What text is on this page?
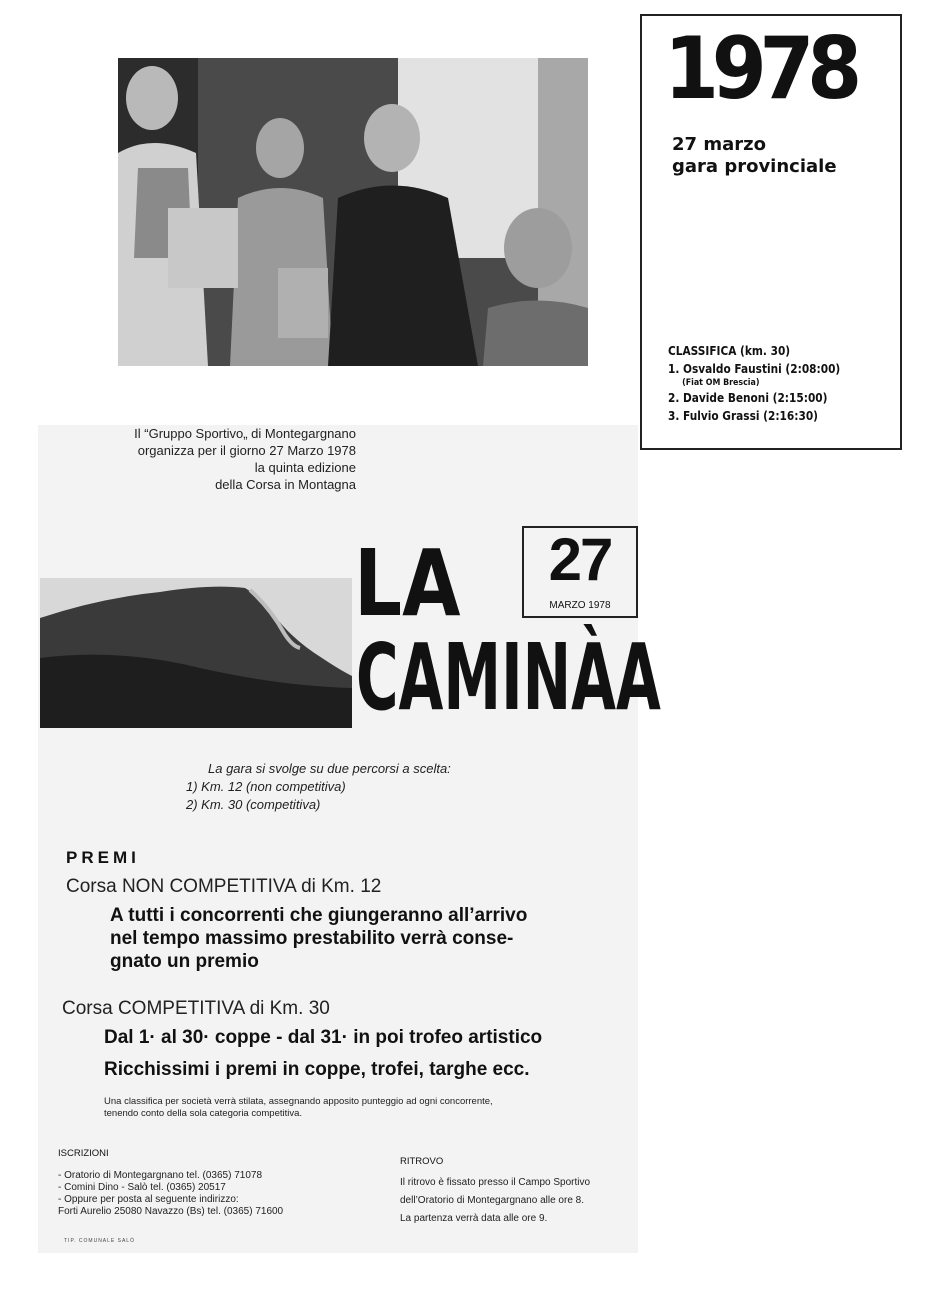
1978
27 marzo
gara provinciale
CLASSIFICA (km. 30)
1. Osvaldo Faustini (2:08:00)
(Fiat OM Brescia)
2. Davide Benoni (2:15:00)
3. Fulvio Grassi (2:16:30)
Il “Gruppo Sportivo„ di Montegargnano
organizza per il giorno 27 Marzo 1978
la quinta edizione
della Corsa in Montagna
27
MARZO 1978
LA
CAMINÀA
La gara si svolge su due percorsi a scelta:
1) Km. 12 (non competitiva)
2) Km. 30 (competitiva)
PREMI
Corsa NON COMPETITIVA di Km. 12
A tutti i concorrenti che giungeranno all’arrivo
nel tempo massimo prestabilito verrà conse-
gnato un premio
Corsa COMPETITIVA di Km. 30
Dal 1· al 30· coppe - dal 31· in poi trofeo artistico
Ricchissimi i premi in coppe, trofei, targhe ecc.
Una classifica per società verrà stilata, assegnando apposito punteggio ad ogni concorrente,
tenendo conto della sola categoria competitiva.
ISCRIZIONI
- Oratorio di Montegargnano tel. (0365) 71078
- Comini Dino - Salò tel. (0365) 20517
- Oppure per posta al seguente indirizzo:
Forti Aurelio 25080 Navazzo (Bs) tel. (0365) 71600
RITROVO
Il ritrovo è fissato presso il Campo Sportivo
dell’Oratorio di Montegargnano alle ore 8.
La partenza verrà data alle ore 9.
TIP. COMUNALE SALÒ
